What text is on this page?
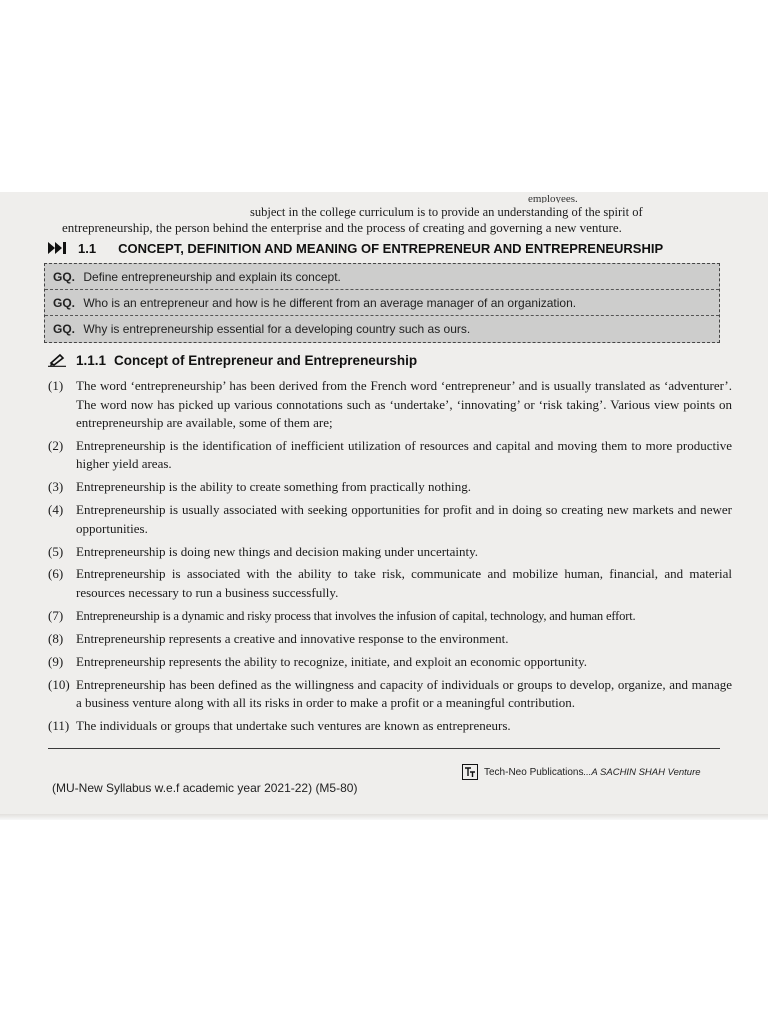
employees.
subject in the college curriculum is to provide an understanding of the spirit of
entrepreneurship, the person behind the enterprise and the process of creating and governing a new venture.
1.1 CONCEPT, DEFINITION AND MEANING OF ENTREPRENEUR AND ENTREPRENEURSHIP
GQ. Define entrepreneurship and explain its concept.
GQ. Who is an entrepreneur and how is he different from an average manager of an organization.
GQ. Why is entrepreneurship essential for a developing country such as ours.
1.1.1 Concept of Entrepreneur and Entrepreneurship
(1) The word ‘entrepreneurship’ has been derived from the French word ‘entrepreneur’ and is usually translated as ‘adventurer’. The word now has picked up various connotations such as ‘undertake’, ‘innovating’ or ‘risk taking’. Various view points on entrepreneurship are available, some of them are;
(2) Entrepreneurship is the identification of inefficient utilization of resources and capital and moving them to more productive higher yield areas.
(3) Entrepreneurship is the ability to create something from practically nothing.
(4) Entrepreneurship is usually associated with seeking opportunities for profit and in doing so creating new markets and newer opportunities.
(5) Entrepreneurship is doing new things and decision making under uncertainty.
(6) Entrepreneurship is associated with the ability to take risk, communicate and mobilize human, financial, and material resources necessary to run a business successfully.
(7)	Entrepreneurship is a dynamic and risky process that involves the infusion of capital, technology, and human effort.
(8) Entrepreneurship represents a creative and innovative response to the environment.
(9) Entrepreneurship represents the ability to recognize, initiate, and exploit an economic opportunity.
(10) Entrepreneurship has been defined as the willingness and capacity of individuals or groups to develop, organize, and manage a business venture along with all its risks in order to make a profit or a meaningful contribution.
(11) The individuals or groups that undertake such ventures are known as entrepreneurs.
(MU-New Syllabus w.e.f academic year 2021-22) (M5-80)
Tech-Neo Publications ...A SACHIN SHAH Venture
